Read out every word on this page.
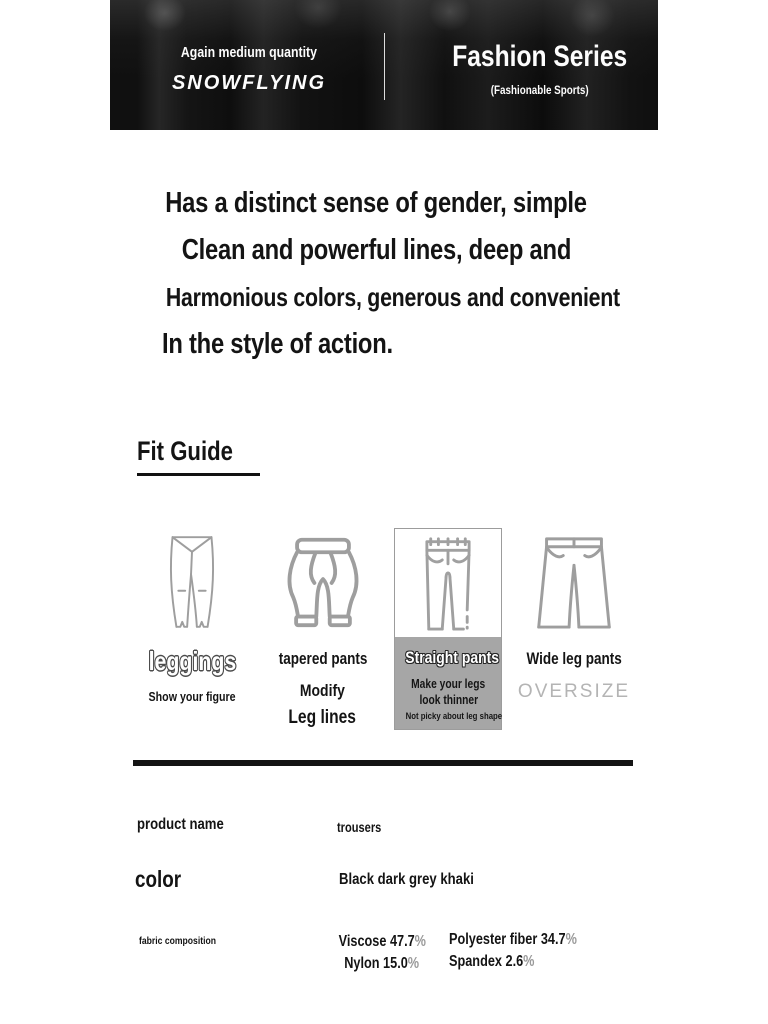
Again medium quantity
SNOWFLYING
Fashion Series
(Fashionable Sports)
Has a distinct sense of gender, simple
Clean and powerful lines, deep and
Harmonious colors, generous and convenient
In the style of action.
Fit Guide
leggings
Show your figure
tapered pants
Modify
Leg lines
Straight pants
Make your legs
look thinner
Not picky about leg shape
Wide leg pants
OVERSIZE
product name	trousers
color	Black dark grey khaki
fabric composition	Viscose 47.7%
Nylon 15.0%
Polyester fiber 34.7%
Spandex 2.6%
